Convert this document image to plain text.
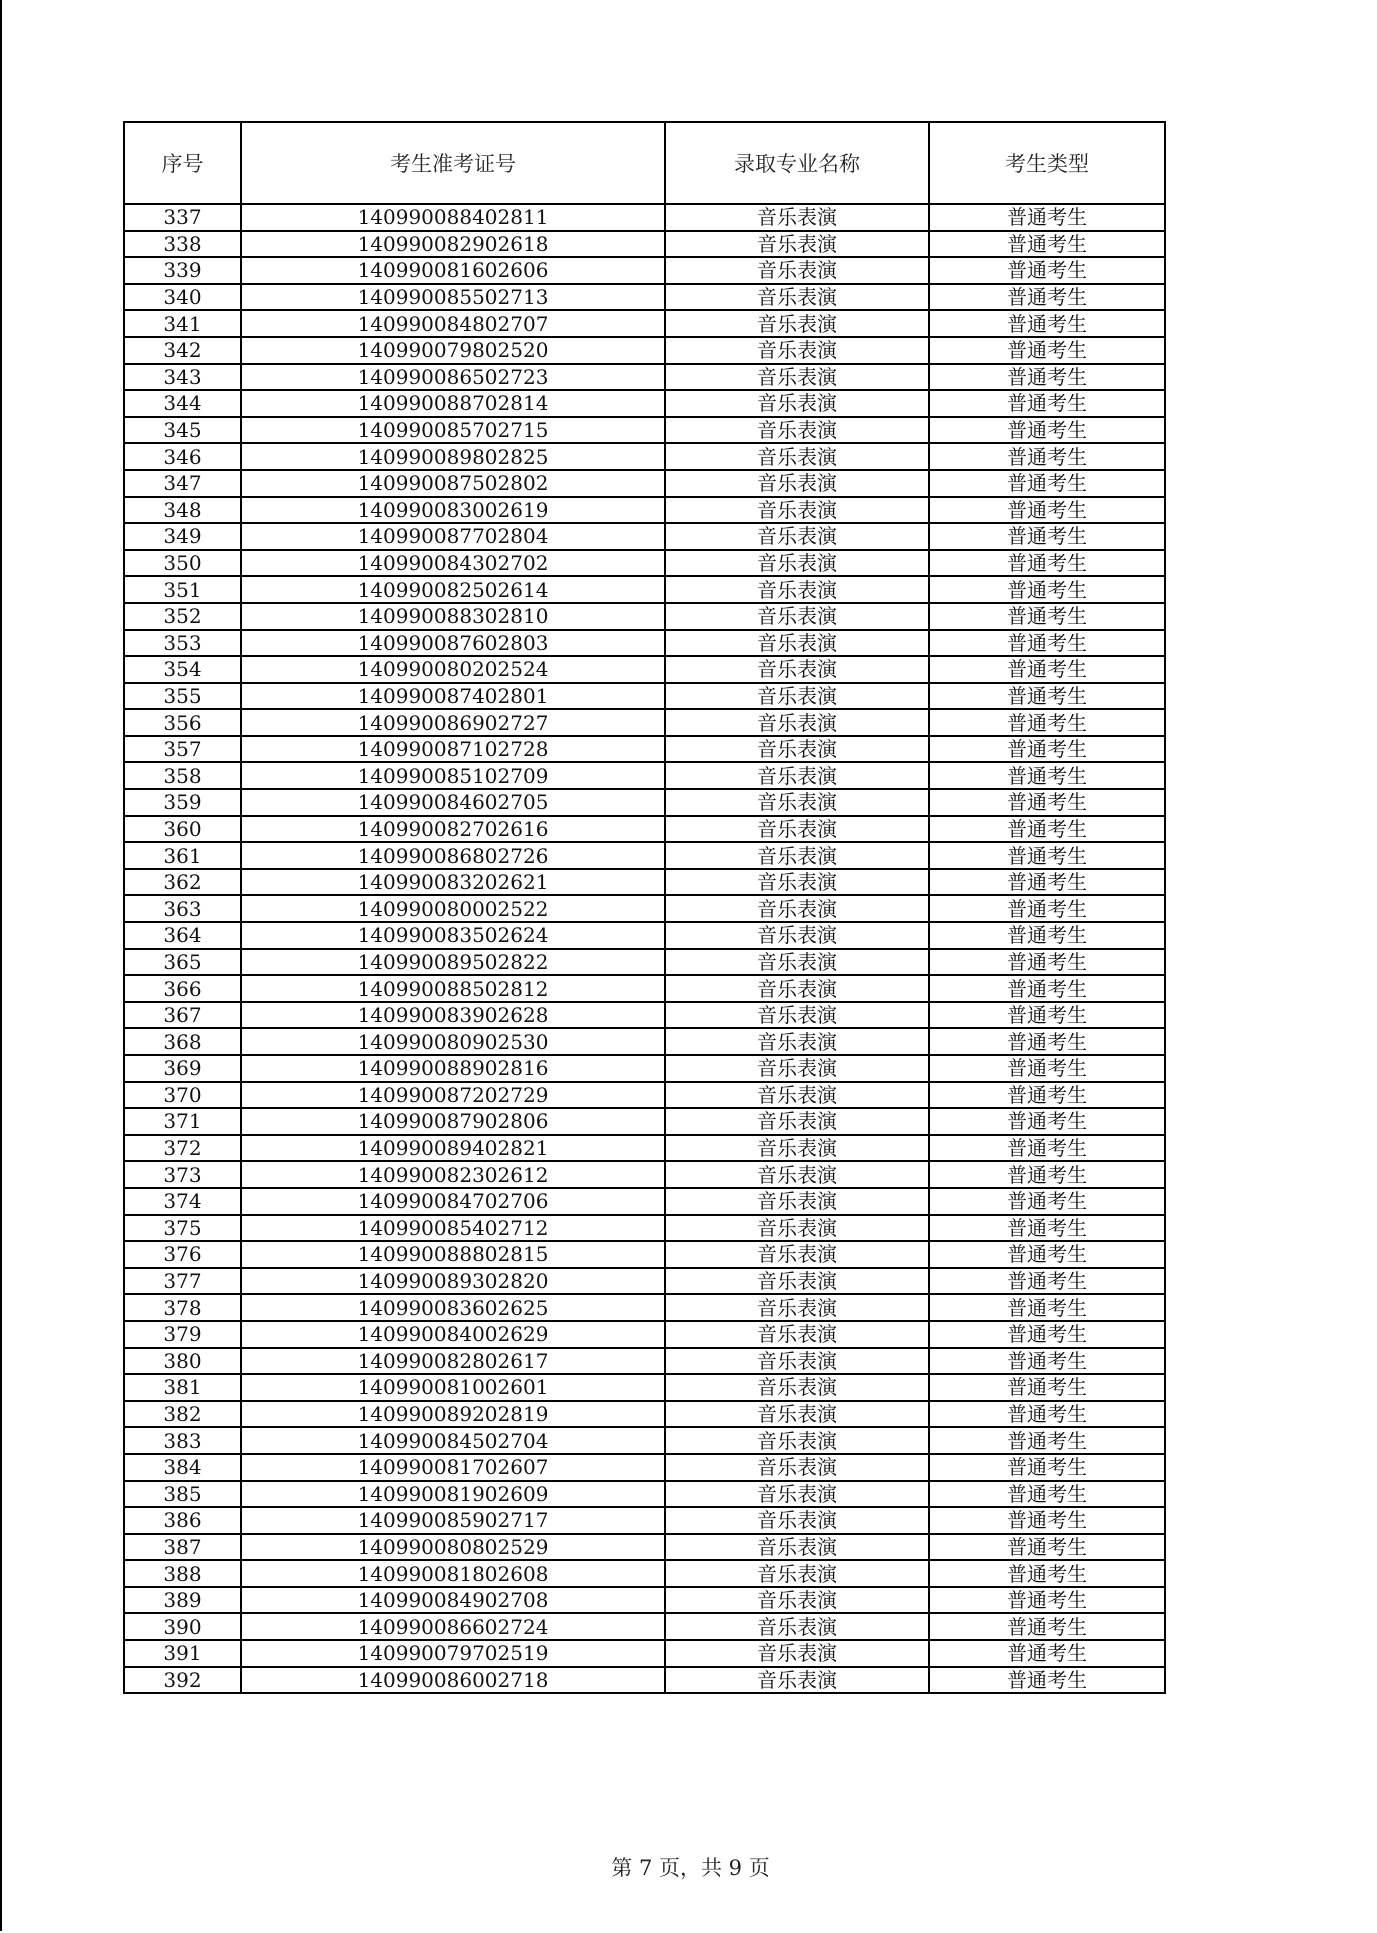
序号	考生准考证号	录取专业名称	考生类型
337	140990088402811	音乐表演	普通考生
338	140990082902618	音乐表演	普通考生
339	140990081602606	音乐表演	普通考生
340	140990085502713	音乐表演	普通考生
341	140990084802707	音乐表演	普通考生
342	140990079802520	音乐表演	普通考生
343	140990086502723	音乐表演	普通考生
344	140990088702814	音乐表演	普通考生
345	140990085702715	音乐表演	普通考生
346	140990089802825	音乐表演	普通考生
347	140990087502802	音乐表演	普通考生
348	140990083002619	音乐表演	普通考生
349	140990087702804	音乐表演	普通考生
350	140990084302702	音乐表演	普通考生
351	140990082502614	音乐表演	普通考生
352	140990088302810	音乐表演	普通考生
353	140990087602803	音乐表演	普通考生
354	140990080202524	音乐表演	普通考生
355	140990087402801	音乐表演	普通考生
356	140990086902727	音乐表演	普通考生
357	140990087102728	音乐表演	普通考生
358	140990085102709	音乐表演	普通考生
359	140990084602705	音乐表演	普通考生
360	140990082702616	音乐表演	普通考生
361	140990086802726	音乐表演	普通考生
362	140990083202621	音乐表演	普通考生
363	140990080002522	音乐表演	普通考生
364	140990083502624	音乐表演	普通考生
365	140990089502822	音乐表演	普通考生
366	140990088502812	音乐表演	普通考生
367	140990083902628	音乐表演	普通考生
368	140990080902530	音乐表演	普通考生
369	140990088902816	音乐表演	普通考生
370	140990087202729	音乐表演	普通考生
371	140990087902806	音乐表演	普通考生
372	140990089402821	音乐表演	普通考生
373	140990082302612	音乐表演	普通考生
374	140990084702706	音乐表演	普通考生
375	140990085402712	音乐表演	普通考生
376	140990088802815	音乐表演	普通考生
377	140990089302820	音乐表演	普通考生
378	140990083602625	音乐表演	普通考生
379	140990084002629	音乐表演	普通考生
380	140990082802617	音乐表演	普通考生
381	140990081002601	音乐表演	普通考生
382	140990089202819	音乐表演	普通考生
383	140990084502704	音乐表演	普通考生
384	140990081702607	音乐表演	普通考生
385	140990081902609	音乐表演	普通考生
386	140990085902717	音乐表演	普通考生
387	140990080802529	音乐表演	普通考生
388	140990081802608	音乐表演	普通考生
389	140990084902708	音乐表演	普通考生
390	140990086602724	音乐表演	普通考生
391	140990079702519	音乐表演	普通考生
392	140990086002718	音乐表演	普通考生
第 7 页，共 9 页
